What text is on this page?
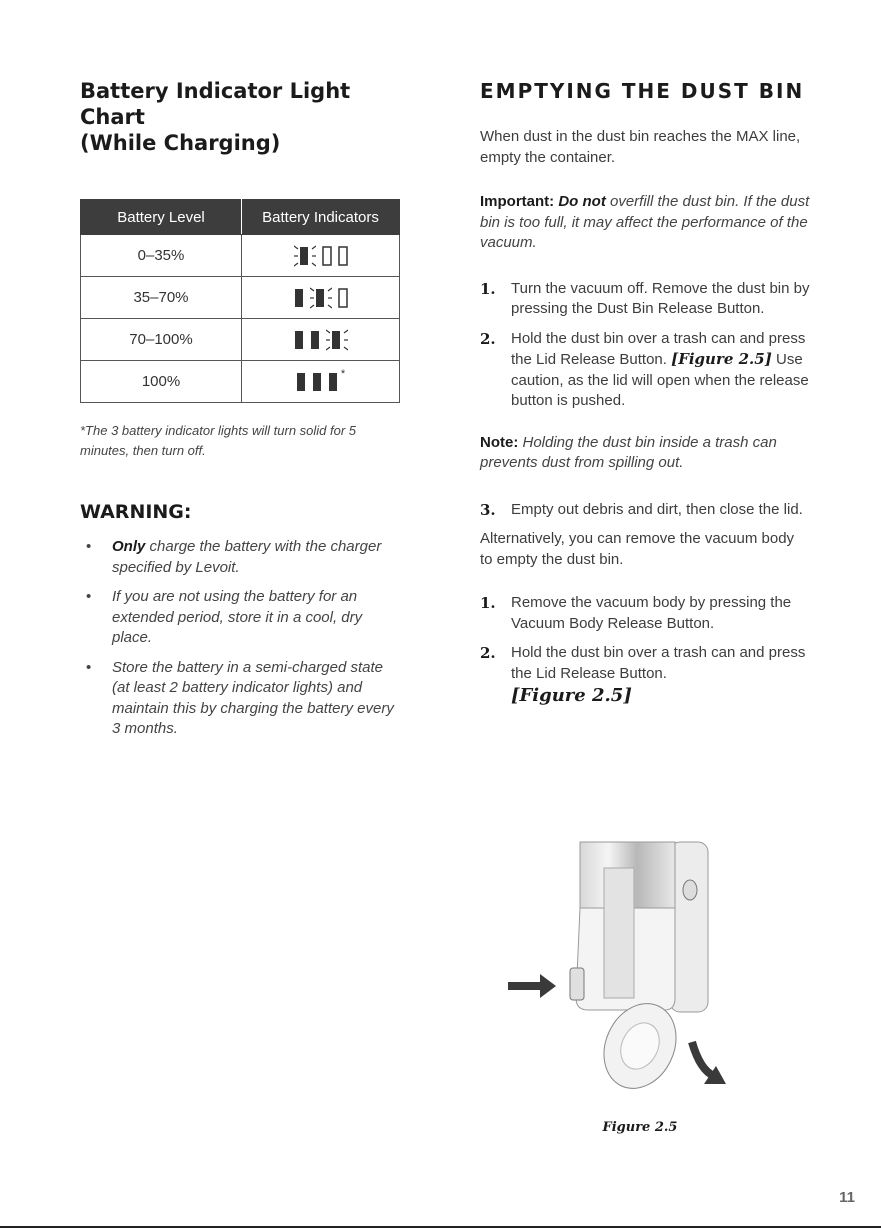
Battery Indicator Light Chart
(While Charging)
Battery Level	Battery Indicators
0–35%	

35–70%	

70–100%	

100%	*

*The 3 battery indicator lights will turn solid for 5 minutes, then turn off.

WARNING:
• Only charge the battery with the charger specified by Levoit.
• If you are not using the battery for an extended period, store it in a cool, dry place.
• Store the battery in a semi-charged state (at least 2 battery indicator lights) and maintain this by charging the battery every 3 months.
EMPTYING THE DUST BIN

When dust in the dust bin reaches the MAX line, empty the container.

Important: Do not overfill the dust bin. If the dust bin is too full, it may affect the performance of the vacuum.

1. Turn the vacuum off. Remove the dust bin by pressing the Dust Bin Release Button.
2. Hold the dust bin over a trash can and press the Lid Release Button. [Figure 2.5] Use caution, as the lid will open when the release button is pushed.

Note: Holding the dust bin inside a trash can prevents dust from spilling out.

3. Empty out debris and dirt, then close the lid.

Alternatively, you can remove the vacuum body to empty the dust bin.

1. Remove the vacuum body by pressing the Vacuum Body Release Button.
2. Hold the dust bin over a trash can and press the Lid Release Button.
[Figure 2.5]
Figure 2.5
11
